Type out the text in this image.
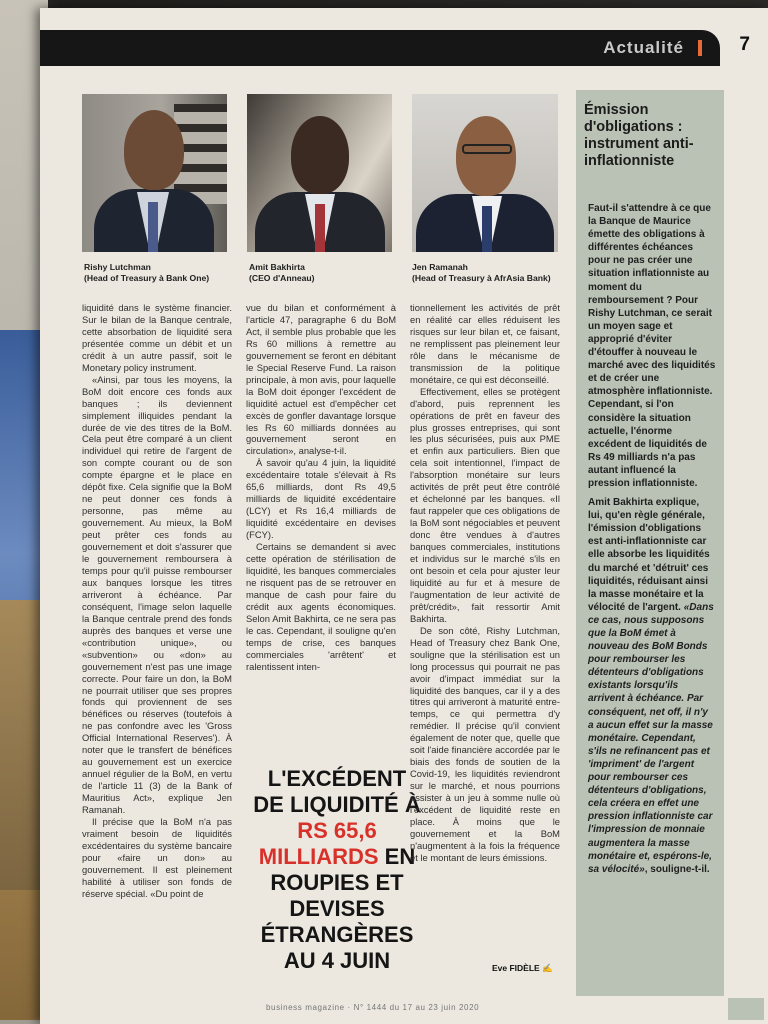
Actualité	7
Rishy Lutchman
(Head of Treasury à Bank One)
Amit Bakhirta
(CEO d'Anneau)
Jen Ramanah
(Head of Treasury à AfrAsia Bank)

liquidité dans le système financier. Sur le bilan de la Banque centrale, cette absorbation de liquidité sera présentée comme un débit et un crédit à un autre passif, soit le Monetary policy instrument.

«Ainsi, par tous les moyens, la BoM doit encore ces fonds aux banques ; ils deviennent simplement illiquides pendant la durée de vie des titres de la BoM. Cela peut être comparé à un client individuel qui retire de l'argent de son compte courant ou de son compte épargne et le place en dépôt fixe. Cela signifie que la BoM ne peut donner ces fonds à personne, pas même au gouvernement. Au mieux, la BoM peut prêter ces fonds au gouvernement et doit s'assurer que le gouvernement remboursera à temps pour qu'il puisse rembourser aux banques lorsque les titres arriveront à échéance. Par conséquent, l'image selon laquelle la Banque centrale prend des fonds auprès des banques et verse une «contribution unique», ou «subvention» ou «don» au gouvernement n'est pas une image correcte. Pour faire un don, la BoM ne pourrait utiliser que ses propres fonds qui proviennent de ses bénéfices ou réserves (toutefois à ne pas confondre avec les 'Gross Official International Reserves'). À noter que le transfert de bénéfices au gouvernement est un exercice annuel régulier de la BoM, en vertu de l'article 11 (3) de la Bank of Mauritius Act», explique Jen Ramanah.

Il précise que la BoM n'a pas vraiment besoin de liquidités excédentaires du système bancaire pour «faire un don» au gouvernement. Il est pleinement habilité à utiliser son fonds de réserve spécial. «Du point de

vue du bilan et conformément à l'article 47, paragraphe 6 du BoM Act, il semble plus probable que les Rs 60 millions à remettre au gouvernement se feront en débitant le Special Reserve Fund. La raison principale, à mon avis, pour laquelle la BoM doit éponger l'excédent de liquidité actuel est d'empêcher cet excès de gonfler davantage lorsque les Rs 60 milliards données au gouvernement seront en circulation», analyse-t-il.

À savoir qu'au 4 juin, la liquidité excédentaire totale s'élevait à Rs 65,6 milliards, dont Rs 49,5 milliards de liquidité excédentaire (LCY) et Rs 16,4 milliards de liquidité excédentaire en devises (FCY).

Certains se demandent si avec cette opération de stérilisation de liquidité, les banques commerciales ne risquent pas de se retrouver en manque de cash pour faire du crédit aux agents économiques. Selon Amit Bakhirta, ce ne sera pas le cas. Cependant, il souligne qu'en temps de crise, ces banques commerciales 'arrêtent' et ralentissent inten-

L'EXCÉDENT DE LIQUIDITÉ À RS 65,6 MILLIARDS EN ROUPIES ET DEVISES ÉTRANGÈRES AU 4 JUIN

tionnellement les activités de prêt en réalité car elles réduisent les risques sur leur bilan et, ce faisant, ne remplissent pas pleinement leur rôle dans le mécanisme de transmission de la politique monétaire, ce qui est déconseillé.

Effectivement, elles se protègent d'abord, puis reprennent les opérations de prêt en faveur des plus grosses entreprises, qui sont les plus sécurisées, puis aux PME et enfin aux particuliers. Bien que cela soit intentionnel, l'impact de l'absorption monétaire sur leurs activités de prêt peut être contrôlé et échelonné par les banques. «Il faut rappeler que ces obligations de la BoM sont négociables et peuvent donc être vendues à d'autres banques commerciales, institutions et individus sur le marché s'ils en ont besoin et cela pour ajuster leur liquidité au fur et à mesure de l'augmentation de leur activité de prêt/crédit», fait ressortir Amit Bakhirta.

De son côté, Rishy Lutchman, Head of Treasury chez Bank One, souligne que la stérilisation est un long processus qui pourrait ne pas avoir d'impact immédiat sur la liquidité des banques, car il y a des titres qui arriveront à maturité entre-temps, ce qui permettra d'y remédier. Il précise qu'il convient également de noter que, quelle que soit l'aide financière accordée par le biais des fonds de soutien de la Covid-19, les liquidités reviendront sur le marché, et nous pourrions assister à un jeu à somme nulle où l'excédent de liquidité reste en place. À moins que le gouvernement et la BoM n'augmentent à la fois la fréquence et le montant de leurs émissions.

Émission d'obligations : instrument anti-inflationniste

Faut-il s'attendre à ce que la Banque de Maurice émette des obligations à différentes échéances pour ne pas créer une situation inflationniste au moment du remboursement ? Pour Rishy Lutchman, ce serait un moyen sage et approprié d'éviter d'étouffer à nouveau le marché avec des liquidités et de créer une atmosphère inflationniste. Cependant, si l'on considère la situation actuelle, l'énorme excédent de liquidités de Rs 49 milliards n'a pas autant influencé la pression inflationniste.

Amit Bakhirta explique, lui, qu'en règle générale, l'émission d'obligations est anti-inflationniste car elle absorbe les liquidités du marché et 'détruit' ces liquidités, réduisant ainsi la masse monétaire et la vélocité de l'argent. «Dans ce cas, nous supposons que la BoM émet à nouveau des BoM Bonds pour rembourser les détenteurs d'obligations existants lorsqu'ils arrivent à échéance. Par conséquent, net off, il n'y a aucun effet sur la masse monétaire. Cependant, s'ils ne refinancent pas et 'impriment' de l'argent pour rembourser ces détenteurs d'obligations, cela créera en effet une pression inflationniste car l'impression de monnaie augmentera la masse monétaire et, espérons-le, sa vélocité», souligne-t-il.

Eve FIDÈLE ✍
business magazine · N° 1444 du 17 au 23 juin 2020
